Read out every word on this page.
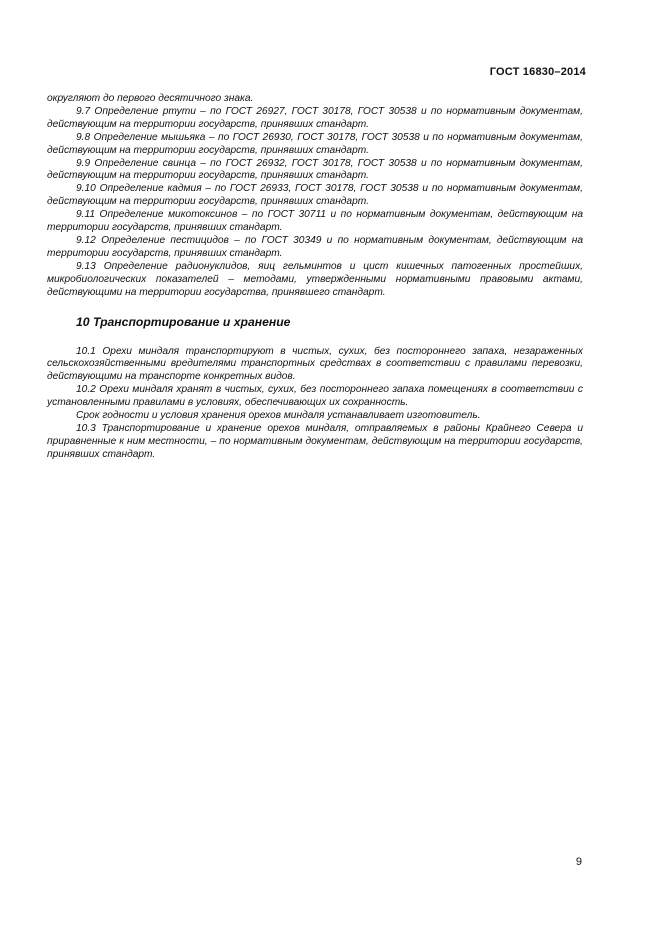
ГОСТ 16830–2014

округляют до первого десятичного знака.

9.7 Определение ртути – по ГОСТ 26927, ГОСТ 30178, ГОСТ 30538 и по нормативным документам, действующим на территории государств, принявших стандарт.

9.8 Определение мышьяка – по ГОСТ 26930, ГОСТ 30178, ГОСТ 30538 и по нормативным документам, действующим на территории государств, принявших стандарт.

9.9 Определение свинца – по ГОСТ 26932, ГОСТ 30178, ГОСТ 30538 и по нормативным документам, действующим на территории государств, принявших стандарт.

9.10 Определение кадмия – по ГОСТ 26933, ГОСТ 30178, ГОСТ 30538 и по нормативным документам, действующим на территории государств, принявших стандарт.

9.11 Определение микотоксинов – по ГОСТ 30711 и по нормативным документам, действующим на территории государств, принявших стандарт.

9.12 Определение пестицидов – по ГОСТ 30349 и по нормативным документам, действующим на территории государств, принявших стандарт.

9.13 Определение радионуклидов, яиц гельминтов и цист кишечных патогенных простейших, микробиологических показателей – методами, утвержденными нормативными правовыми актами, действующими на территории государства, принявшего стандарт.

10 Транспортирование и хранение

10.1 Орехи миндаля транспортируют в чистых, сухих, без постороннего запаха, незараженных сельскохозяйственными вредителями транспортных средствах в соответствии с правилами перевозки, действующими на транспорте конкретных видов.

10.2 Орехи миндаля хранят в чистых, сухих, без постороннего запаха помещениях в соответствии с установленными правилами в условиях, обеспечивающих их сохранность.

Срок годности и условия хранения орехов миндаля устанавливает изготовитель.

10.3 Транспортирование и хранение орехов миндаля, отправляемых в районы Крайнего Севера и приравненные к ним местности, – по нормативным документам, действующим на территории государств, принявших стандарт.

9
